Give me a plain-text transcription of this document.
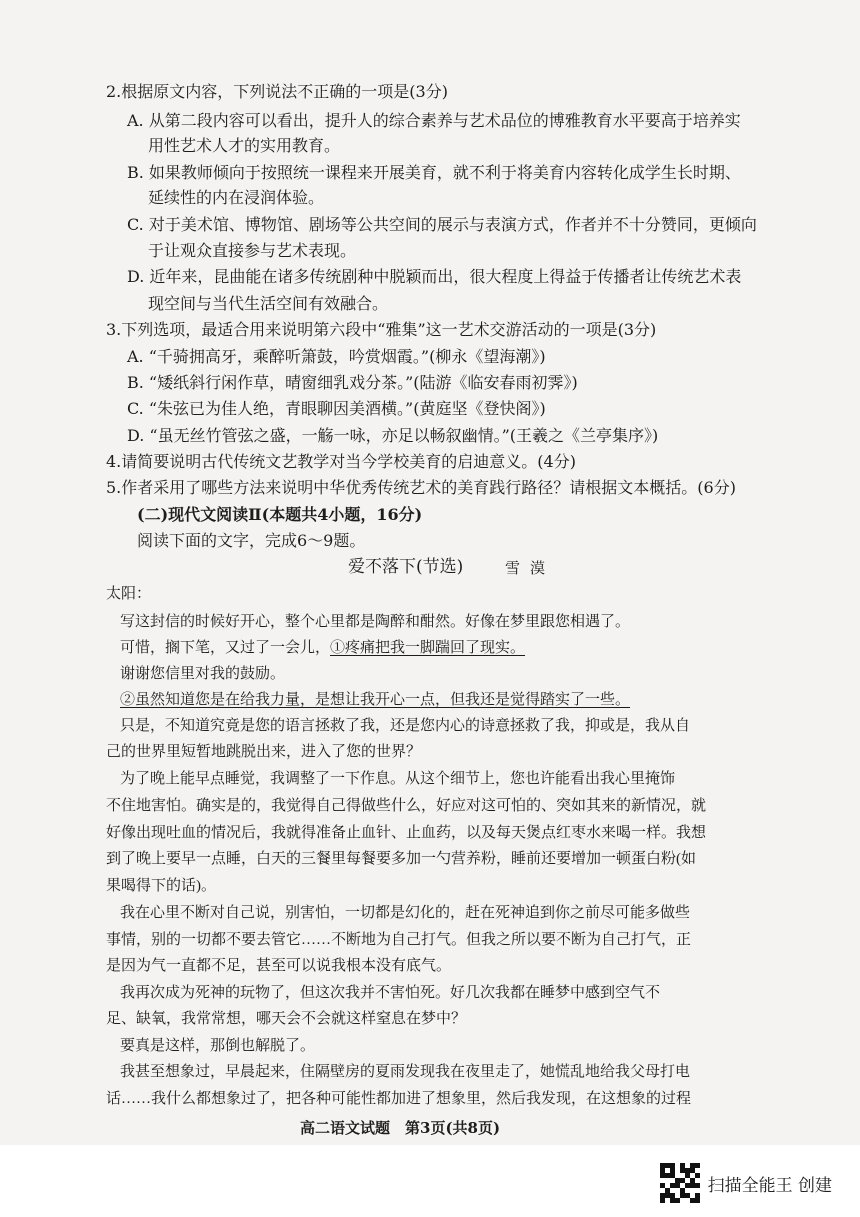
2.根据原文内容，下列说法不正确的一项是(3分)
A. 从第二段内容可以看出，提升人的综合素养与艺术品位的博雅教育水平要高于培养实
用性艺术人才的实用教育。
B. 如果教师倾向于按照统一课程来开展美育，就不利于将美育内容转化成学生长时期、
延续性的内在浸润体验。
C. 对于美术馆、博物馆、剧场等公共空间的展示与表演方式，作者并不十分赞同，更倾向
于让观众直接参与艺术表现。
D. 近年来，昆曲能在诸多传统剧种中脱颖而出，很大程度上得益于传播者让传统艺术表
现空间与当代生活空间有效融合。
3.下列选项，最适合用来说明第六段中“雅集”这一艺术交游活动的一项是(3分)
A. “千骑拥高牙，乘醉听箫鼓，吟赏烟霞。”(柳永《望海潮》)
B. “矮纸斜行闲作草，晴窗细乳戏分茶。”(陆游《临安春雨初霁》)
C. “朱弦已为佳人绝，青眼聊因美酒横。”(黄庭坚《登快阁》)
D. “虽无丝竹管弦之盛，一觞一咏，亦足以畅叙幽情。”(王羲之《兰亭集序》)
4.请简要说明古代传统文艺教学对当今学校美育的启迪意义。(4分)
5.作者采用了哪些方法来说明中华优秀传统艺术的美育践行路径？请根据文本概括。(6分)
(二)现代文阅读Ⅱ(本题共4小题，16分)
阅读下面的文字，完成6～9题。
爱不落下(节选)	雪漠
太阳：
写这封信的时候好开心，整个心里都是陶醉和酣然。好像在梦里跟您相遇了。
可惜，搁下笔，又过了一会儿，①疼痛把我一脚踹回了现实。
谢谢您信里对我的鼓励。
②虽然知道您是在给我力量，是想让我开心一点，但我还是觉得踏实了一些。
只是，不知道究竟是您的语言拯救了我，还是您内心的诗意拯救了我，抑或是，我从自
己的世界里短暂地跳脱出来，进入了您的世界？
为了晚上能早点睡觉，我调整了一下作息。从这个细节上，您也许能看出我心里掩饰
不住地害怕。确实是的，我觉得自己得做些什么，好应对这可怕的、突如其来的新情况，就
好像出现吐血的情况后，我就得准备止血针、止血药，以及每天煲点红枣水来喝一样。我想
到了晚上要早一点睡，白天的三餐里每餐要多加一勺营养粉，睡前还要增加一顿蛋白粉(如
果喝得下的话)。
我在心里不断对自己说，别害怕，一切都是幻化的，赶在死神追到你之前尽可能多做些
事情，别的一切都不要去管它……不断地为自己打气。但我之所以要不断为自己打气，正
是因为气一直都不足，甚至可以说我根本没有底气。
我再次成为死神的玩物了，但这次我并不害怕死。好几次我都在睡梦中感到空气不
足、缺氧，我常常想，哪天会不会就这样窒息在梦中？
要真是这样，那倒也解脱了。
我甚至想象过，早晨起来，住隔壁房的夏雨发现我在夜里走了，她慌乱地给我父母打电
话……我什么都想象过了，把各种可能性都加进了想象里，然后我发现，在这想象的过程
高二语文试题　第3页(共8页)
扫描全能王 创建
